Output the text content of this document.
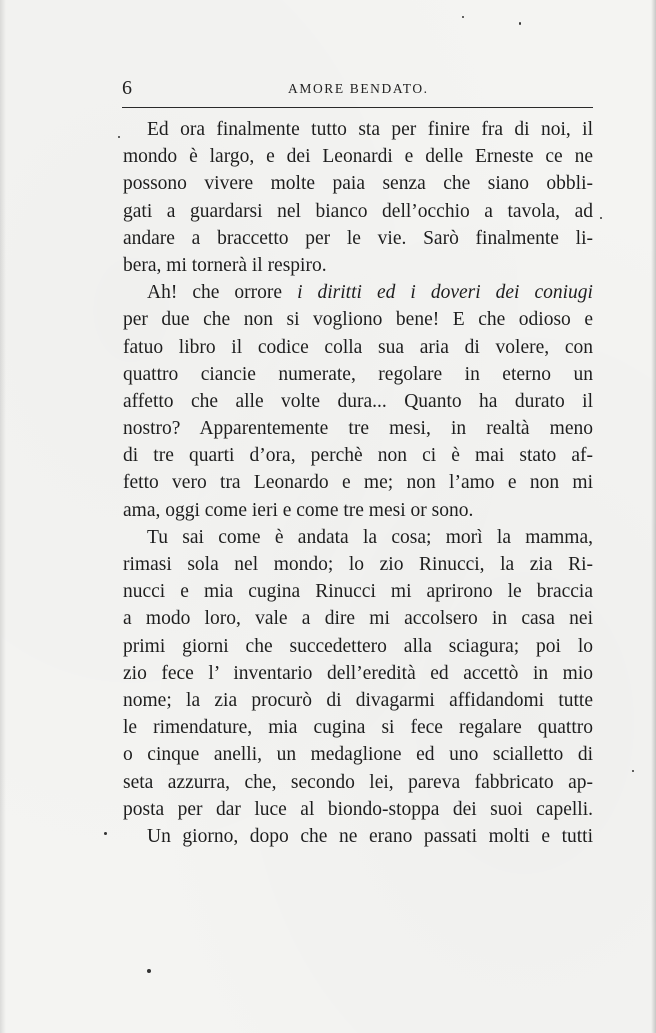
6	AMORE BENDATO.
Ed ora finalmente tutto sta per finire fra di noi, il
mondo è largo, e dei Leonardi e delle Erneste ce ne
possono vivere molte paia senza che siano obbli-
gati a guardarsi nel bianco dell’occhio a tavola, ad
andare a braccetto per le vie. Sarò finalmente li-
bera, mi tornerà il respiro.
Ah! che orrore i diritti ed i doveri dei coniugi
per due che non si vogliono bene! E che odioso e
fatuo libro il codice colla sua aria di volere, con
quattro ciancie numerate, regolare in eterno un
affetto che alle volte dura... Quanto ha durato il
nostro? Apparentemente tre mesi, in realtà meno
di tre quarti d’ora, perchè non ci è mai stato af-
fetto vero tra Leonardo e me; non l’amo e non mi
ama, oggi come ieri e come tre mesi or sono.
Tu sai come è andata la cosa; morì la mamma,
rimasi sola nel mondo; lo zio Rinucci, la zia Ri-
nucci e mia cugina Rinucci mi aprirono le braccia
a modo loro, vale a dire mi accolsero in casa nei
primi giorni che succedettero alla sciagura; poi lo
zio fece l’ inventario dell’eredità ed accettò in mio
nome; la zia procurò di divagarmi affidandomi tutte
le rimendature, mia cugina si fece regalare quattro
o cinque anelli, un medaglione ed uno scialletto di
seta azzurra, che, secondo lei, pareva fabbricato ap-
posta per dar luce al biondo-stoppa dei suoi capelli.
Un giorno, dopo che ne erano passati molti e tutti
